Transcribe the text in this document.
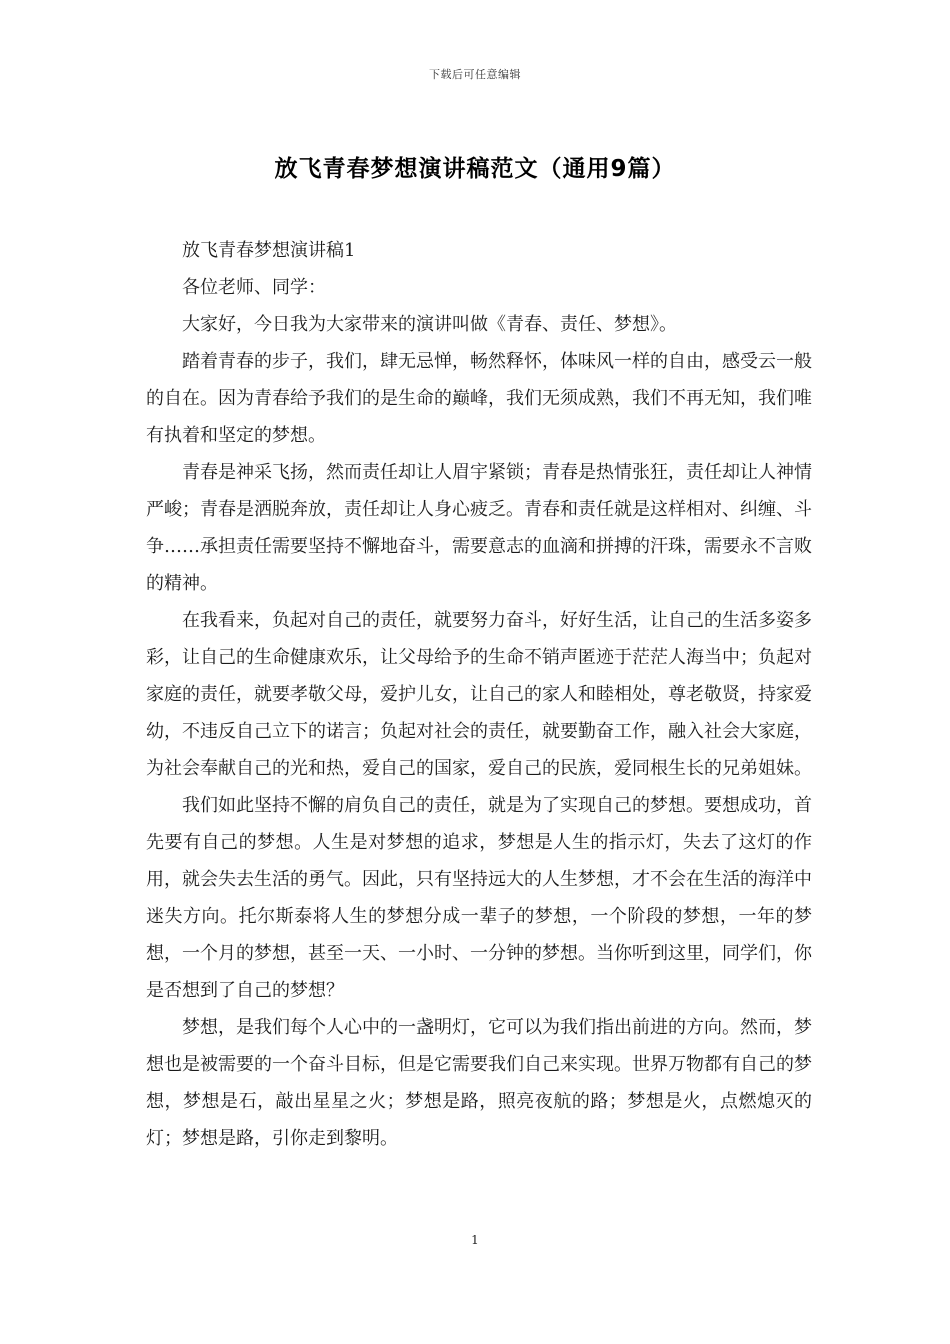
下载后可任意编辑
放飞青春梦想演讲稿范文（通用9篇）

放飞青春梦想演讲稿1

各位老师、同学：

大家好，今日我为大家带来的演讲叫做《青春、责任、梦想》。

踏着青春的步子，我们，肆无忌惮，畅然释怀，体味风一样的自由，感受云一般的自在。因为青春给予我们的是生命的巅峰，我们无须成熟，我们不再无知，我们唯有执着和坚定的梦想。

青春是神采飞扬，然而责任却让人眉宇紧锁；青春是热情张狂，责任却让人神情严峻；青春是洒脱奔放，责任却让人身心疲乏。青春和责任就是这样相对、纠缠、斗争……承担责任需要坚持不懈地奋斗，需要意志的血滴和拼搏的汗珠，需要永不言败的精神。

在我看来，负起对自己的责任，就要努力奋斗，好好生活，让自己的生活多姿多彩，让自己的生命健康欢乐，让父母给予的生命不销声匿迹于茫茫人海当中；负起对家庭的责任，就要孝敬父母，爱护儿女，让自己的家人和睦相处，尊老敬贤，持家爱幼，不违反自己立下的诺言；负起对社会的责任，就要勤奋工作，融入社会大家庭，为社会奉献自己的光和热，爱自己的国家，爱自己的民族，爱同根生长的兄弟姐妹。

我们如此坚持不懈的肩负自己的责任，就是为了实现自己的梦想。要想成功，首先要有自己的梦想。人生是对梦想的追求，梦想是人生的指示灯，失去了这灯的作用，就会失去生活的勇气。因此，只有坚持远大的人生梦想，才不会在生活的海洋中迷失方向。托尔斯泰将人生的梦想分成一辈子的梦想，一个阶段的梦想，一年的梦想，一个月的梦想，甚至一天、一小时、一分钟的梦想。当你听到这里，同学们，你是否想到了自己的梦想？

梦想，是我们每个人心中的一盏明灯，它可以为我们指出前进的方向。然而，梦想也是被需要的一个奋斗目标，但是它需要我们自己来实现。世界万物都有自己的梦想，梦想是石，敲出星星之火；梦想是路，照亮夜航的路；梦想是火，点燃熄灭的灯；梦想是路，引你走到黎明。

1
